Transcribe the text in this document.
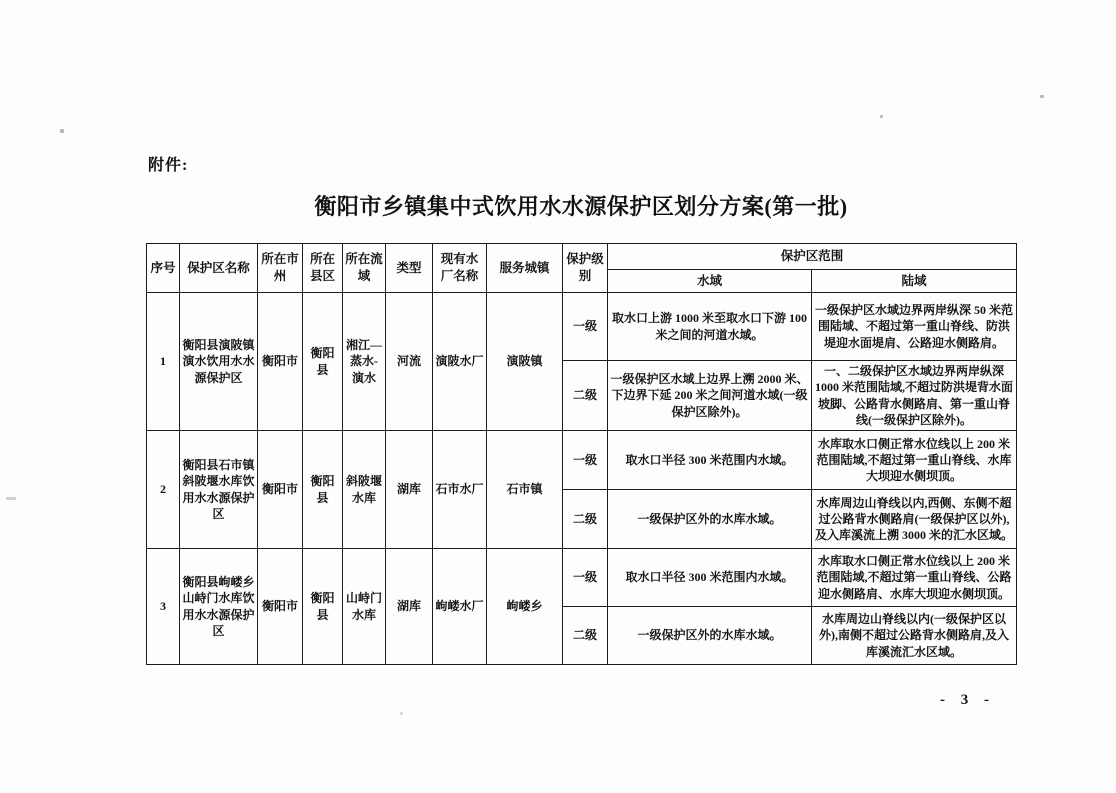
附件:
衡阳市乡镇集中式饮用水水源保护区划分方案(第一批)
序号	保护区名称	所在市州	所在县区	所在流域	类型	现有水厂名称	服务城镇	保护级别	保护区范围	
									水域	陆域
1	衡阳县演陂镇演水饮用水水源保护区	衡阳市	衡阳县	湘江—蒸水-演水	河流	演陂水厂	演陂镇	一级	取水口上游 1000 米至取水口下游 100 米之间的河道水域。	一级保护区水域边界两岸纵深 50 米范围陆域、不超过第一重山脊线、防洪堤迎水面堤肩、公路迎水侧路肩。
								二级	一级保护区水域上边界上溯 2000 米、下边界下延 200 米之间河道水域(一级保护区除外)。	一、二级保护区水域边界两岸纵深 1000 米范围陆域,不超过防洪堤背水面坡脚、公路背水侧路肩、第一重山脊线(一级保护区除外)。
2	衡阳县石市镇斜陂堰水库饮用水水源保护区	衡阳市	衡阳县	斜陂堰水库	湖库	石市水厂	石市镇	一级	取水口半径 300 米范围内水域。	水库取水口侧正常水位线以上 200 米范围陆域,不超过第一重山脊线、水库大坝迎水侧坝顶。
								二级	一级保护区外的水库水域。	水库周边山脊线以内,西侧、东侧不超过公路背水侧路肩(一级保护区以外),及入库溪流上溯 3000 米的汇水区域。
3	衡阳县岣嵝乡山峙门水库饮用水水源保护区	衡阳市	衡阳县	山峙门水库	湖库	岣嵝水厂	岣嵝乡	一级	取水口半径 300 米范围内水域。	水库取水口侧正常水位线以上 200 米范围陆域,不超过第一重山脊线、公路迎水侧路肩、水库大坝迎水侧坝顶。
								二级	一级保护区外的水库水域。	水库周边山脊线以内(一级保护区以外),南侧不超过公路背水侧路肩,及入库溪流汇水区域。
- 3 -
